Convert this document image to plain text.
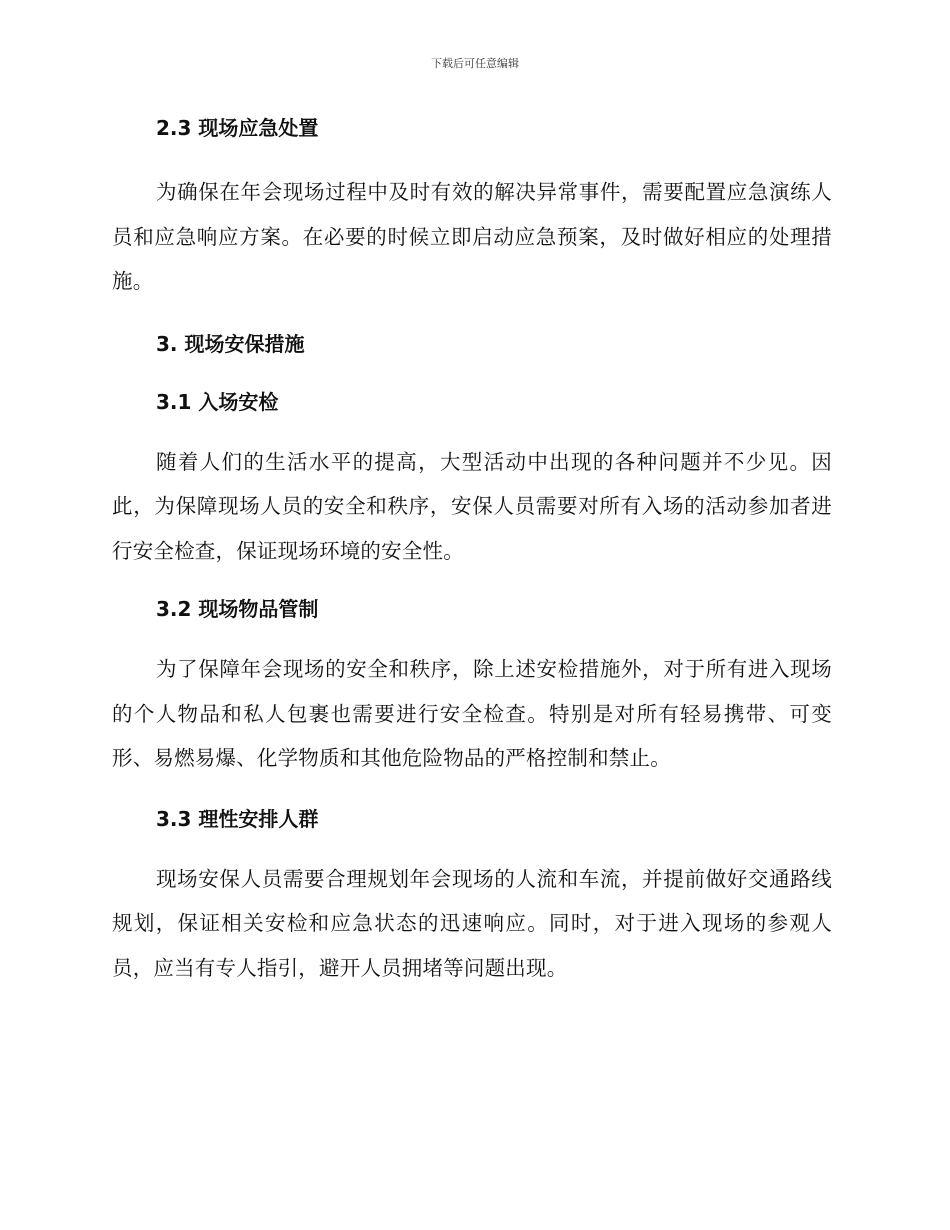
下载后可任意编辑
2.3 现场应急处置

为确保在年会现场过程中及时有效的解决异常事件，需要配置应急演练人员和应急响应方案。在必要的时候立即启动应急预案，及时做好相应的处理措施。

3. 现场安保措施
3.1 入场安检

随着人们的生活水平的提高，大型活动中出现的各种问题并不少见。因此，为保障现场人员的安全和秩序，安保人员需要对所有入场的活动参加者进行安全检查，保证现场环境的安全性。

3.2 现场物品管制

为了保障年会现场的安全和秩序，除上述安检措施外，对于所有进入现场的个人物品和私人包裹也需要进行安全检查。特别是对所有轻易携带、可变形、易燃易爆、化学物质和其他危险物品的严格控制和禁止。

3.3 理性安排人群

现场安保人员需要合理规划年会现场的人流和车流，并提前做好交通路线规划，保证相关安检和应急状态的迅速响应。同时，对于进入现场的参观人员，应当有专人指引，避开人员拥堵等问题出现。
